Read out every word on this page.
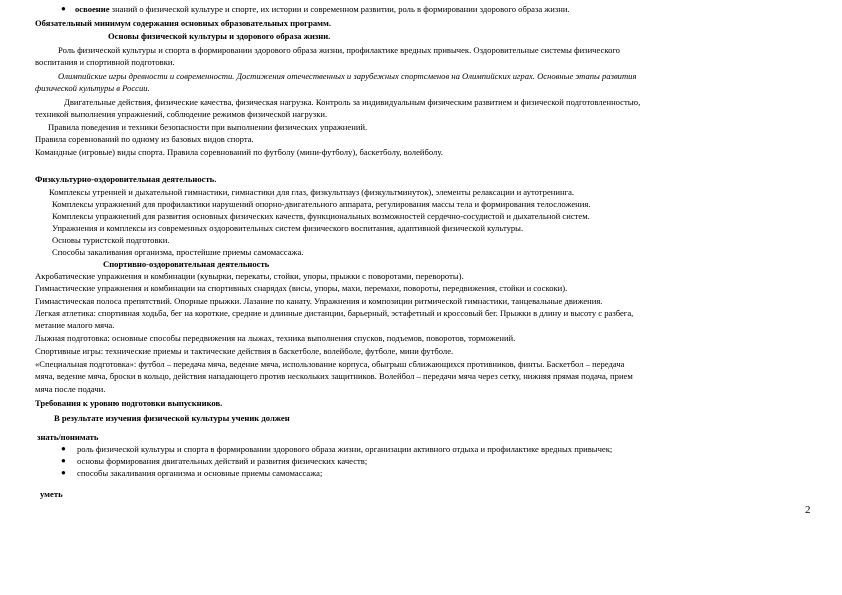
● освоение знаний о физической культуре и спорте, их истории и современном развитии, роль в формировании здорового образа жизни.
Обязательный минимум содержания основных образовательных программ.
Основы физической культуры и здорового образа жизни.
Роль физической культуры и спорта в формировании здорового образа жизни, профилактике вредных привычек. Оздоровительные системы физического
воспитания и спортивной подготовки.
Олимпийские игры древности и современности. Достижения отечественных и зарубежных спортсменов на Олимпийских играх. Основные этапы развития
физической культуры в России.
Двигательные действия, физические качества, физическая нагрузка. Контроль за индивидуальным физическим развитием и физической подготовленностью,
техникой выполнения упражнений, соблюдение режимов физической нагрузки.
Правила поведения и техники безопасности при выполнении физических упражнений.
Правила соревнований по одному из базовых видов спорта.
Командные (игровые) виды спорта. Правила соревнований по футболу (мини-футболу), баскетболу, волейболу.
Физкультурно-оздоровительная деятельность.
Комплексы утренней и дыхательной гимнастики, гимнастики для глаз, физкультпауз (физкультминуток), элементы релаксации и аутотренинга.
Комплексы упражнений для профилактики нарушений опорно-двигательного аппарата, регулирования массы тела и формирования телосложения.
Комплексы упражнений для развития основных физических качеств, функциональных возможностей сердечно-сосудистой и дыхательной систем.
Упражнения и комплексы из современных оздоровительных систем физического воспитания, адаптивной физической культуры.
Основы туристской подготовки.
Способы закаливания организма, простейшие приемы самомассажа.
Спортивно-оздоровительная деятельность
Акробатические упражнения и комбинации (кувырки, перекаты, стойки, упоры, прыжки с поворотами, перевороты).
Гимнастические упражнения и комбинации на спортивных снарядах (висы, упоры, махи, перемахи, повороты, передвижения, стойки и соскоки).
Гимнастическая полоса препятствий. Опорные прыжки. Лазание по канату. Упражнения и композиции ритмической гимнастики, танцевальные движения.
Легкая атлетика: спортивная ходьба, бег на короткие, средние и длинные дистанции, барьерный, эстафетный и кроссовый бег. Прыжки в длину и высоту с разбега,
метание малого мяча.
Лыжная подготовка: основные способы передвижения на лыжах, техника выполнения спусков, подъемов, поворотов, торможений.
Спортивные игры: технические приемы и тактические действия в баскетболе, волейболе, футболе, мини футболе.
«Специальная подготовка»: футбол – передача мяча, ведение мяча, использование корпуса, обыгрыш сближающихся противников, финты. Баскетбол – передача
мяча, ведение мяча, броски в кольцо, действия нападающего против нескольких защитников. Волейбол – передачи мяча через сетку, нижняя прямая подача, прием
мяча после подачи.
Требования к уровню подготовки выпускников.
В результате изучения физической культуры ученик должен
знать/понимать
● роль физической культуры и спорта в формировании здорового образа жизни, организации активного отдыха и профилактике вредных привычек;
● основы формирования двигательных действий и развития физических качеств;
● способы закаливания организма и основные приемы самомассажа;
уметь
2
